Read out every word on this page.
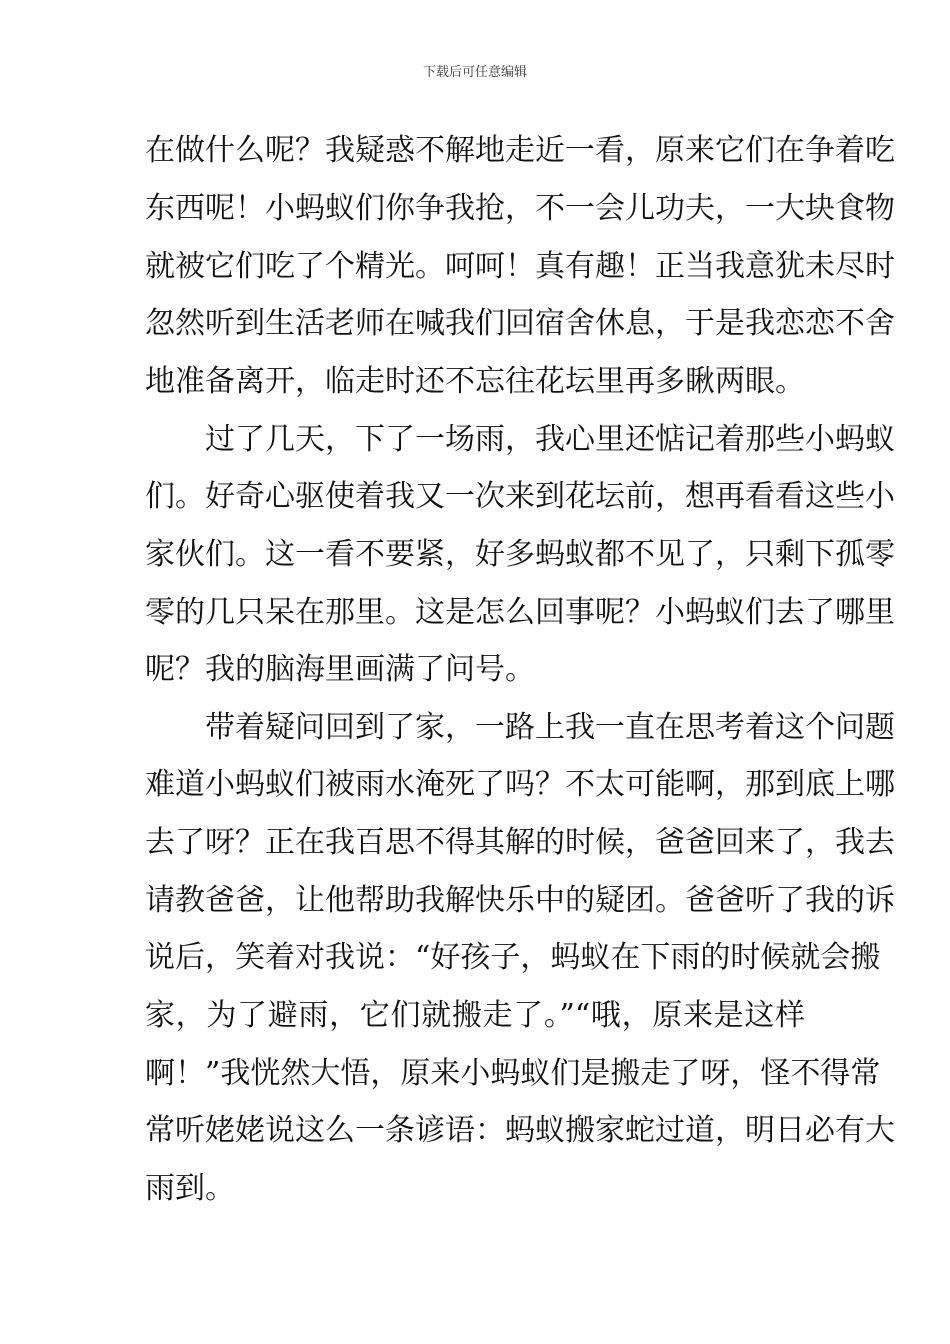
下载后可任意编辑
在做什么呢？我疑惑不解地走近一看，原来它们在争着吃
东西呢！小蚂蚁们你争我抢，不一会儿功夫，一大块食物
就被它们吃了个精光。呵呵！真有趣！正当我意犹未尽时
忽然听到生活老师在喊我们回宿舍休息，于是我恋恋不舍
地准备离开，临走时还不忘往花坛里再多瞅两眼。
过了几天，下了一场雨，我心里还惦记着那些小蚂蚁
们。好奇心驱使着我又一次来到花坛前，想再看看这些小
家伙们。这一看不要紧，好多蚂蚁都不见了，只剩下孤零
零的几只呆在那里。这是怎么回事呢？小蚂蚁们去了哪里
呢？我的脑海里画满了问号。
带着疑问回到了家，一路上我一直在思考着这个问题
难道小蚂蚁们被雨水淹死了吗？不太可能啊，那到底上哪
去了呀？正在我百思不得其解的时候，爸爸回来了，我去
请教爸爸，让他帮助我解快乐中的疑团。爸爸听了我的诉
说后，笑着对我说：“好孩子，蚂蚁在下雨的时候就会搬
家，为了避雨，它们就搬走了。”“哦，原来是这样
啊！”我恍然大悟，原来小蚂蚁们是搬走了呀，怪不得常
常听姥姥说这么一条谚语：蚂蚁搬家蛇过道，明日必有大
雨到。
